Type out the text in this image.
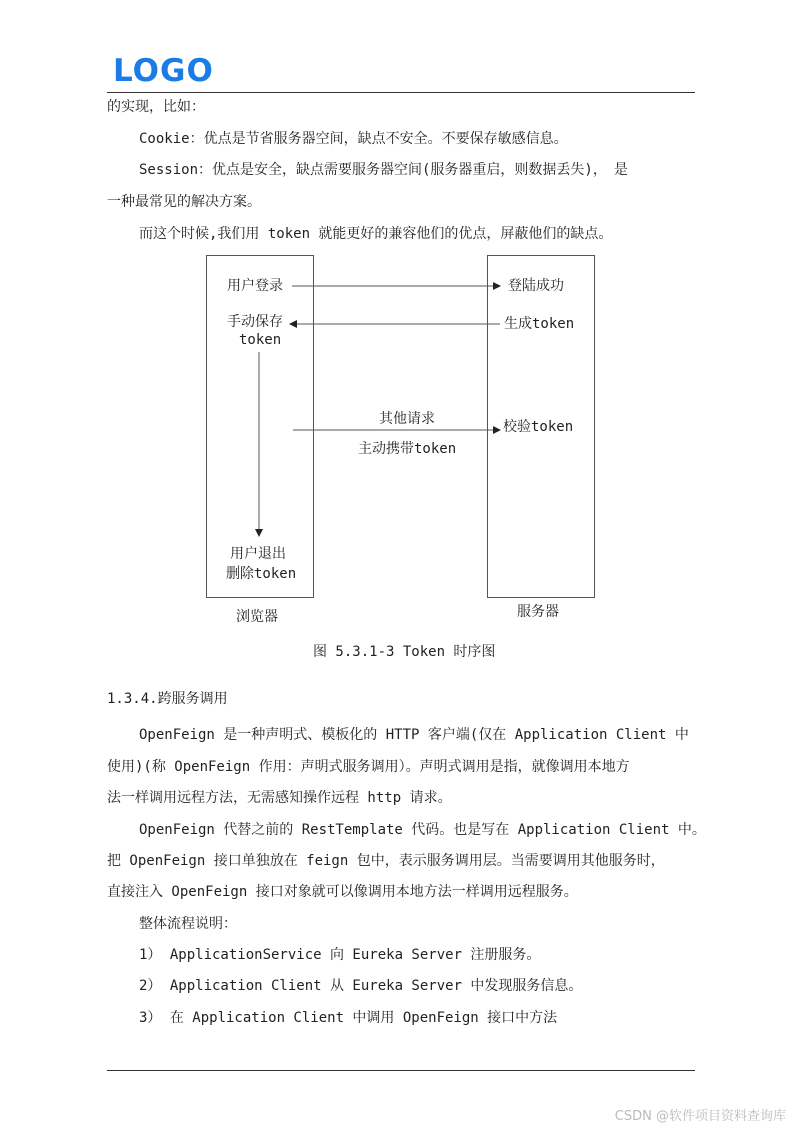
LOGO
的实现，比如：
Cookie：优点是节省服务器空间，缺点不安全。不要保存敏感信息。
Session：优点是安全，缺点需要服务器空间(服务器重启，则数据丢失)，　是
一种最常见的解决方案。
而这个时候,我们用 token 就能更好的兼容他们的优点，屏蔽他们的缺点。
用户登录	登陆成功
手动保存
token
生成token
其他请求	校验token
主动携带token
用户退出
删除token
浏览器	服务器
图 5.3.1-3 Token 时序图
1.3.4.跨服务调用
OpenFeign 是一种声明式、模板化的 HTTP 客户端(仅在 Application Client 中
使用)(称 OpenFeign 作用：声明式服务调用）。声明式调用是指，就像调用本地方
法一样调用远程方法，无需感知操作远程 http 请求。
OpenFeign 代替之前的 RestTemplate 代码。也是写在 Application Client 中。
把 OpenFeign 接口单独放在 feign 包中，表示服务调用层。当需要调用其他服务时，
直接注入 OpenFeign 接口对象就可以像调用本地方法一样调用远程服务。
整体流程说明：
1） ApplicationService 向 Eureka Server 注册服务。
2） Application Client 从 Eureka Server 中发现服务信息。
3） 在 Application Client 中调用 OpenFeign 接口中方法
CSDN @软件项目资料查询库
